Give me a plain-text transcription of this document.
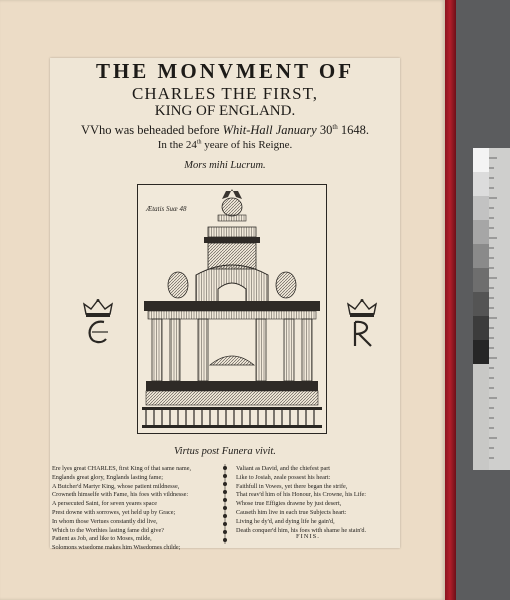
THE MONVMENT OF
CHARLES THE FIRST,
KING OF ENGLAND.
VVho was beheaded before Whit-Hall January 30th 1648.
In the 24th yeare of his Reigne.
Mors mihi Lucrum.
Ætatis Suæ 48
Virtus post Funera vivit.
Ere lyes great CHARLES, first King of that same name,
Englands great glory, Englands lasting fame;
A Butcher'd Martyr King, whose patient mildnesse,
Crowneth himselfe with Fame, his foes with vildnesse:
A persecuted Saint, for seven yeares space
Prest downe with sorrowes, yet held up by Grace;
In whom those Vertues constantly did live,
Which to the Worthies lasting fame did give?
Patient as Job, and like to Moses, milde,
Solomons wisedome makes him Wisedomes childe;
Valiant as David, and the chiefest part
Like to Josiah, zeale possest his heart:
Faithfull in Vowes, yet there began the strife,
That reav'd him of his Honour, his Crowne, his Life:
Whose true Effigies drawne by just desert,
Causeth him live in each true Subjects heart:
Living he dy'd, and dying life he gain'd,
Death conquer'd him, his foes with shame he stain'd.
FINIS.
